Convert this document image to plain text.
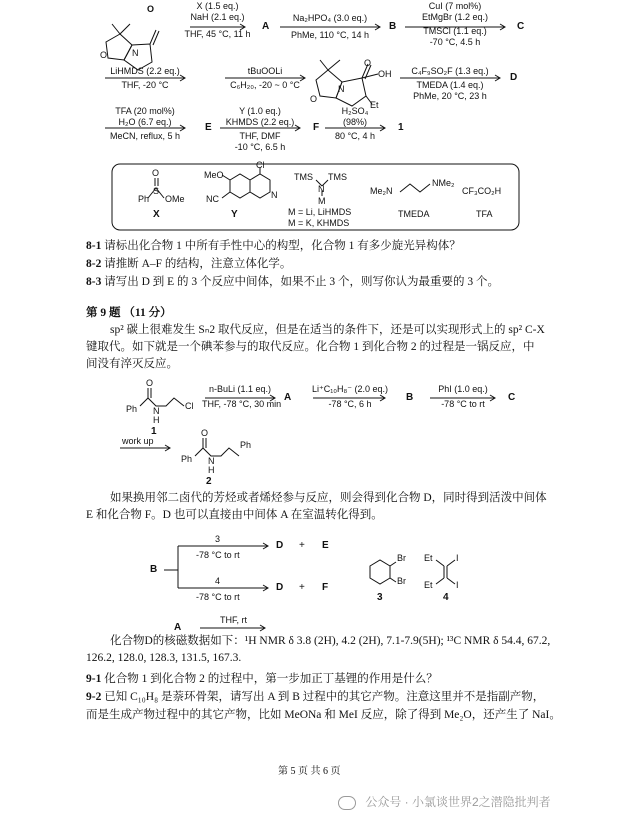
O
N
O
X (1.5 eq.)
NaH (2.1 eq.)
THF, 45 °C, 11 h
A
Na₂HPO₄ (3.0 eq.)
PhMe, 110 °C, 14 h
B
CuI (7 mol%)
EtMgBr (1.2 eq.)
TMSCl (1.1 eq.)
-70 °C, 4.5 h
C
LiHMDS (2.2 eq.)
THF, -20 °C
tBuOOLi
C₆H₂₀, -20 ~ 0 °C
O
OH
N
O
Et
C₄F₉SO₂F (1.3 eq.)
TMEDA (1.4 eq.)
PhMe, 20 °C, 23 h
D
TFA (20 mol%)
H₂O (6.7 eq.)
MeCN, reflux, 5 h
E
Y (1.0 eq.)
KHMDS (2.2 eq.)
THF, DMF
-10 °C, 6.5 h
F
H₂SO₄
(98%)
80 °C, 4 h
1
Ph
S
O
OMe
X
Cl
MeO
NC	N
Y
TMS TMS
N
M
M = Li, LiHMDS
M = K, KHMDS
Me₂N
NMe₂
TMEDA
CF₃CO₂H
TFA
8-1 请标出化合物 1 中所有手性中心的构型，化合物 1 有多少旋光异构体？
8-2 请推断 A–F 的结构，注意立体化学。
8-3 请写出 D 到 E 的 3 个反应中间体，如果不止 3 个，则写你认为最重要的 3 个。
第 9 题 （11 分）
sp² 碳上很难发生 Sₙ2 取代反应，但是在适当的条件下，还是可以实现形式上的 sp² C-X
键取代。如下就是一个碘苯参与的取代反应。化合物 1 到化合物 2 的过程是一锅反应，中
间没有淬灭反应。
Ph
O
N
H
Cl
1
n-BuLi (1.1 eq.)
THF, -78 °C, 30 min
A
Li⁺C₁₀H₈⁻ (2.0 eq.)
-78 °C, 6 h
B
PhI (1.0 eq.)
-78 °C to rt
C
work up
Ph
O
N
H
Ph
2
如果换用邻二卤代的芳烃或者烯烃参与反应，则会得到化合物 D，同时得到活泼中间体
E 和化合物 F。D 也可以直接由中间体 A 在室温转化得到。
B
3
-78 °C to rt
D + E
4
-78 °C to rt
D + F
Br
Br
3
Et
Et
I
I
4
A
THF, rt
化合物D的核磁数据如下：¹H NMR δ 3.8 (2H), 4.2 (2H), 7.1-7.9(5H); ¹³C NMR δ 54.4, 67.2,
126.2, 128.0, 128.3, 131.5, 167.3.
9-1 化合物 1 到化合物 2 的过程中，第一步加正丁基锂的作用是什么？
9-2 已知 C₁₀H₈ 是萘环骨架，请写出 A 到 B 过程中的其它产物。注意这里并不是指副产物，
而是生成产物过程中的其它产物，比如 MeONa 和 MeI 反应，除了得到 Me₂O，还产生了 NaI。
第 5 页 共 6 页
公众号 · 小氯谈世界2之潜隐批判者
